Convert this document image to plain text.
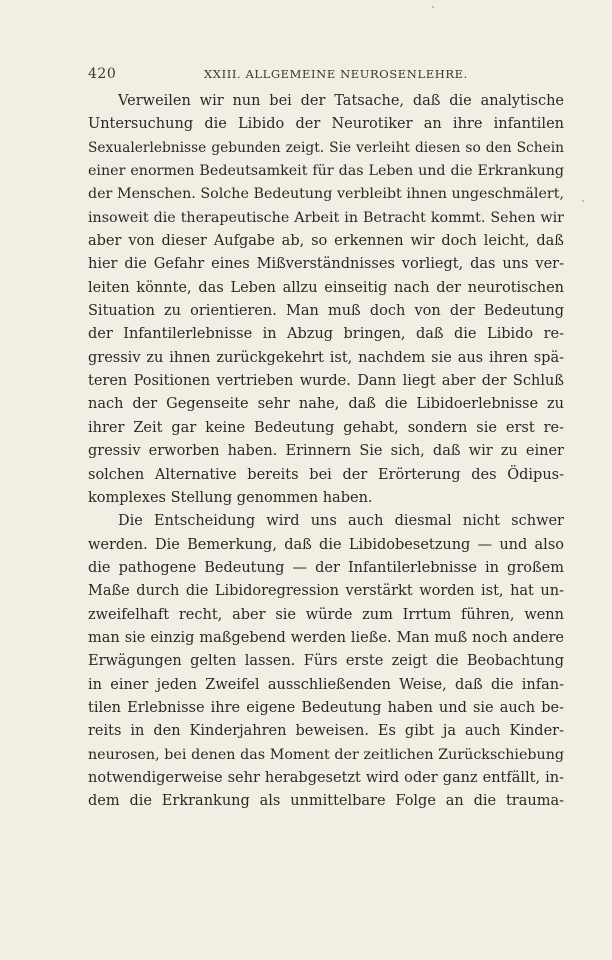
420	XXIII. ALLGEMEINE NEUROSENLEHRE.

Verweilen wir nun bei der Tatsache, daß die analytische
Untersuchung die Libido der Neurotiker an ihre infantilen
Sexualerlebnisse gebunden zeigt. Sie verleiht diesen so den Schein
einer enormen Bedeutsamkeit für das Leben und die Erkrankung
der Menschen. Solche Bedeutung verbleibt ihnen ungeschmälert,
insoweit die therapeutische Arbeit in Betracht kommt. Sehen wir
aber von dieser Aufgabe ab, so erkennen wir doch leicht, daß
hier die Gefahr eines Mißverständnisses vorliegt, das uns ver-
leiten könnte, das Leben allzu einseitig nach der neurotischen
Situation zu orientieren. Man muß doch von der Bedeutung
der Infantilerlebnisse in Abzug bringen, daß die Libido re-
gressiv zu ihnen zurückgekehrt ist, nachdem sie aus ihren spä-
teren Positionen vertrieben wurde. Dann liegt aber der Schluß
nach der Gegenseite sehr nahe, daß die Libidoerlebnisse zu
ihrer Zeit gar keine Bedeutung gehabt, sondern sie erst re-
gressiv erworben haben. Erinnern Sie sich, daß wir zu einer
solchen Alternative bereits bei der Erörterung des Ödipus-
komplexes Stellung genommen haben.

Die Entscheidung wird uns auch diesmal nicht schwer
werden. Die Bemerkung, daß die Libidobesetzung — und also
die pathogene Bedeutung — der Infantilerlebnisse in großem
Maße durch die Libidoregression verstärkt worden ist, hat un-
zweifelhaft recht, aber sie würde zum Irrtum führen, wenn
man sie einzig maßgebend werden ließe. Man muß noch andere
Erwägungen gelten lassen. Fürs erste zeigt die Beobachtung
in einer jeden Zweifel ausschließenden Weise, daß die infan-
tilen Erlebnisse ihre eigene Bedeutung haben und sie auch be-
reits in den Kinderjahren beweisen. Es gibt ja auch Kinder-
neurosen, bei denen das Moment der zeitlichen Zurückschiebung
notwendigerweise sehr herabgesetzt wird oder ganz entfällt, in-
dem die Erkrankung als unmittelbare Folge an die trauma-
